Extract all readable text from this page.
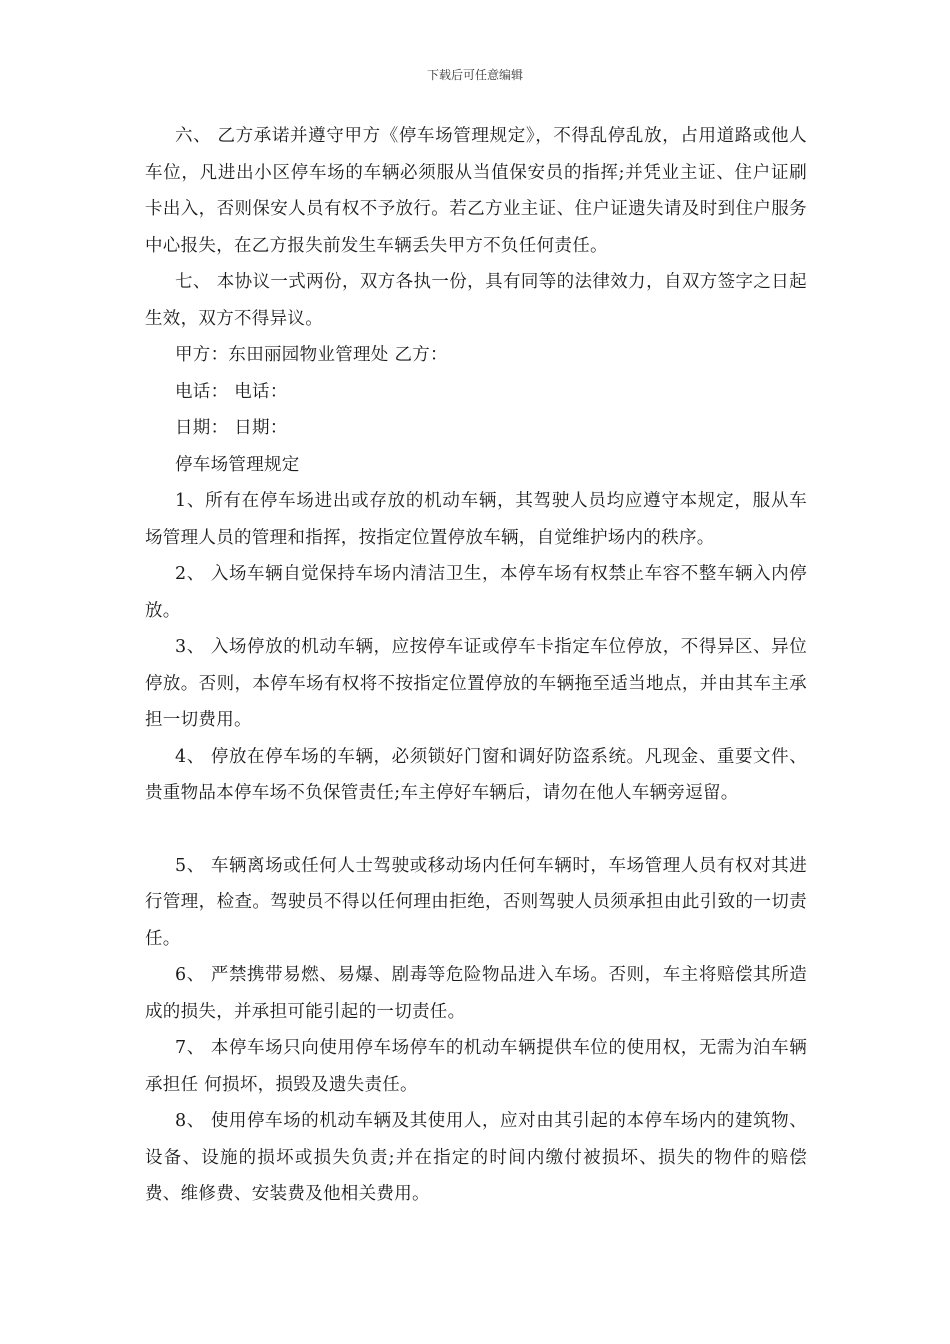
下载后可任意编辑

六、 乙方承诺并遵守甲方《停车场管理规定》，不得乱停乱放，占用道路或他人车位，凡进出小区停车场的车辆必须服从当值保安员的指挥;并凭业主证、住户证刷卡出入，否则保安人员有权不予放行。若乙方业主证、住户证遗失请及时到住户服务中心报失，在乙方报失前发生车辆丢失甲方不负任何责任。

七、 本协议一式两份，双方各执一份，具有同等的法律效力，自双方签字之日起生效，双方不得异议。

甲方：东田丽园物业管理处 乙方：

电话： 电话：

日期： 日期：

停车场管理规定

1、所有在停车场进出或存放的机动车辆，其驾驶人员均应遵守本规定，服从车场管理人员的管理和指挥，按指定位置停放车辆，自觉维护场内的秩序。

2、 入场车辆自觉保持车场内清洁卫生，本停车场有权禁止车容不整车辆入内停放。

3、 入场停放的机动车辆，应按停车证或停车卡指定车位停放，不得异区、异位停放。否则，本停车场有权将不按指定位置停放的车辆拖至适当地点，并由其车主承担一切费用。

4、 停放在停车场的车辆，必须锁好门窗和调好防盗系统。凡现金、重要文件、贵重物品本停车场不负保管责任;车主停好车辆后，请勿在他人车辆旁逗留。

5、 车辆离场或任何人士驾驶或移动场内任何车辆时，车场管理人员有权对其进行管理，检查。驾驶员不得以任何理由拒绝，否则驾驶人员须承担由此引致的一切责任。

6、 严禁携带易燃、易爆、剧毒等危险物品进入车场。否则，车主将赔偿其所造成的损失，并承担可能引起的一切责任。

7、 本停车场只向使用停车场停车的机动车辆提供车位的使用权，无需为泊车辆承担任 何损坏，损毁及遗失责任。

8、 使用停车场的机动车辆及其使用人，应对由其引起的本停车场内的建筑物、设备、设施的损坏或损失负责;并在指定的时间内缴付被损坏、损失的物件的赔偿费、维修费、安装费及他相关费用。
